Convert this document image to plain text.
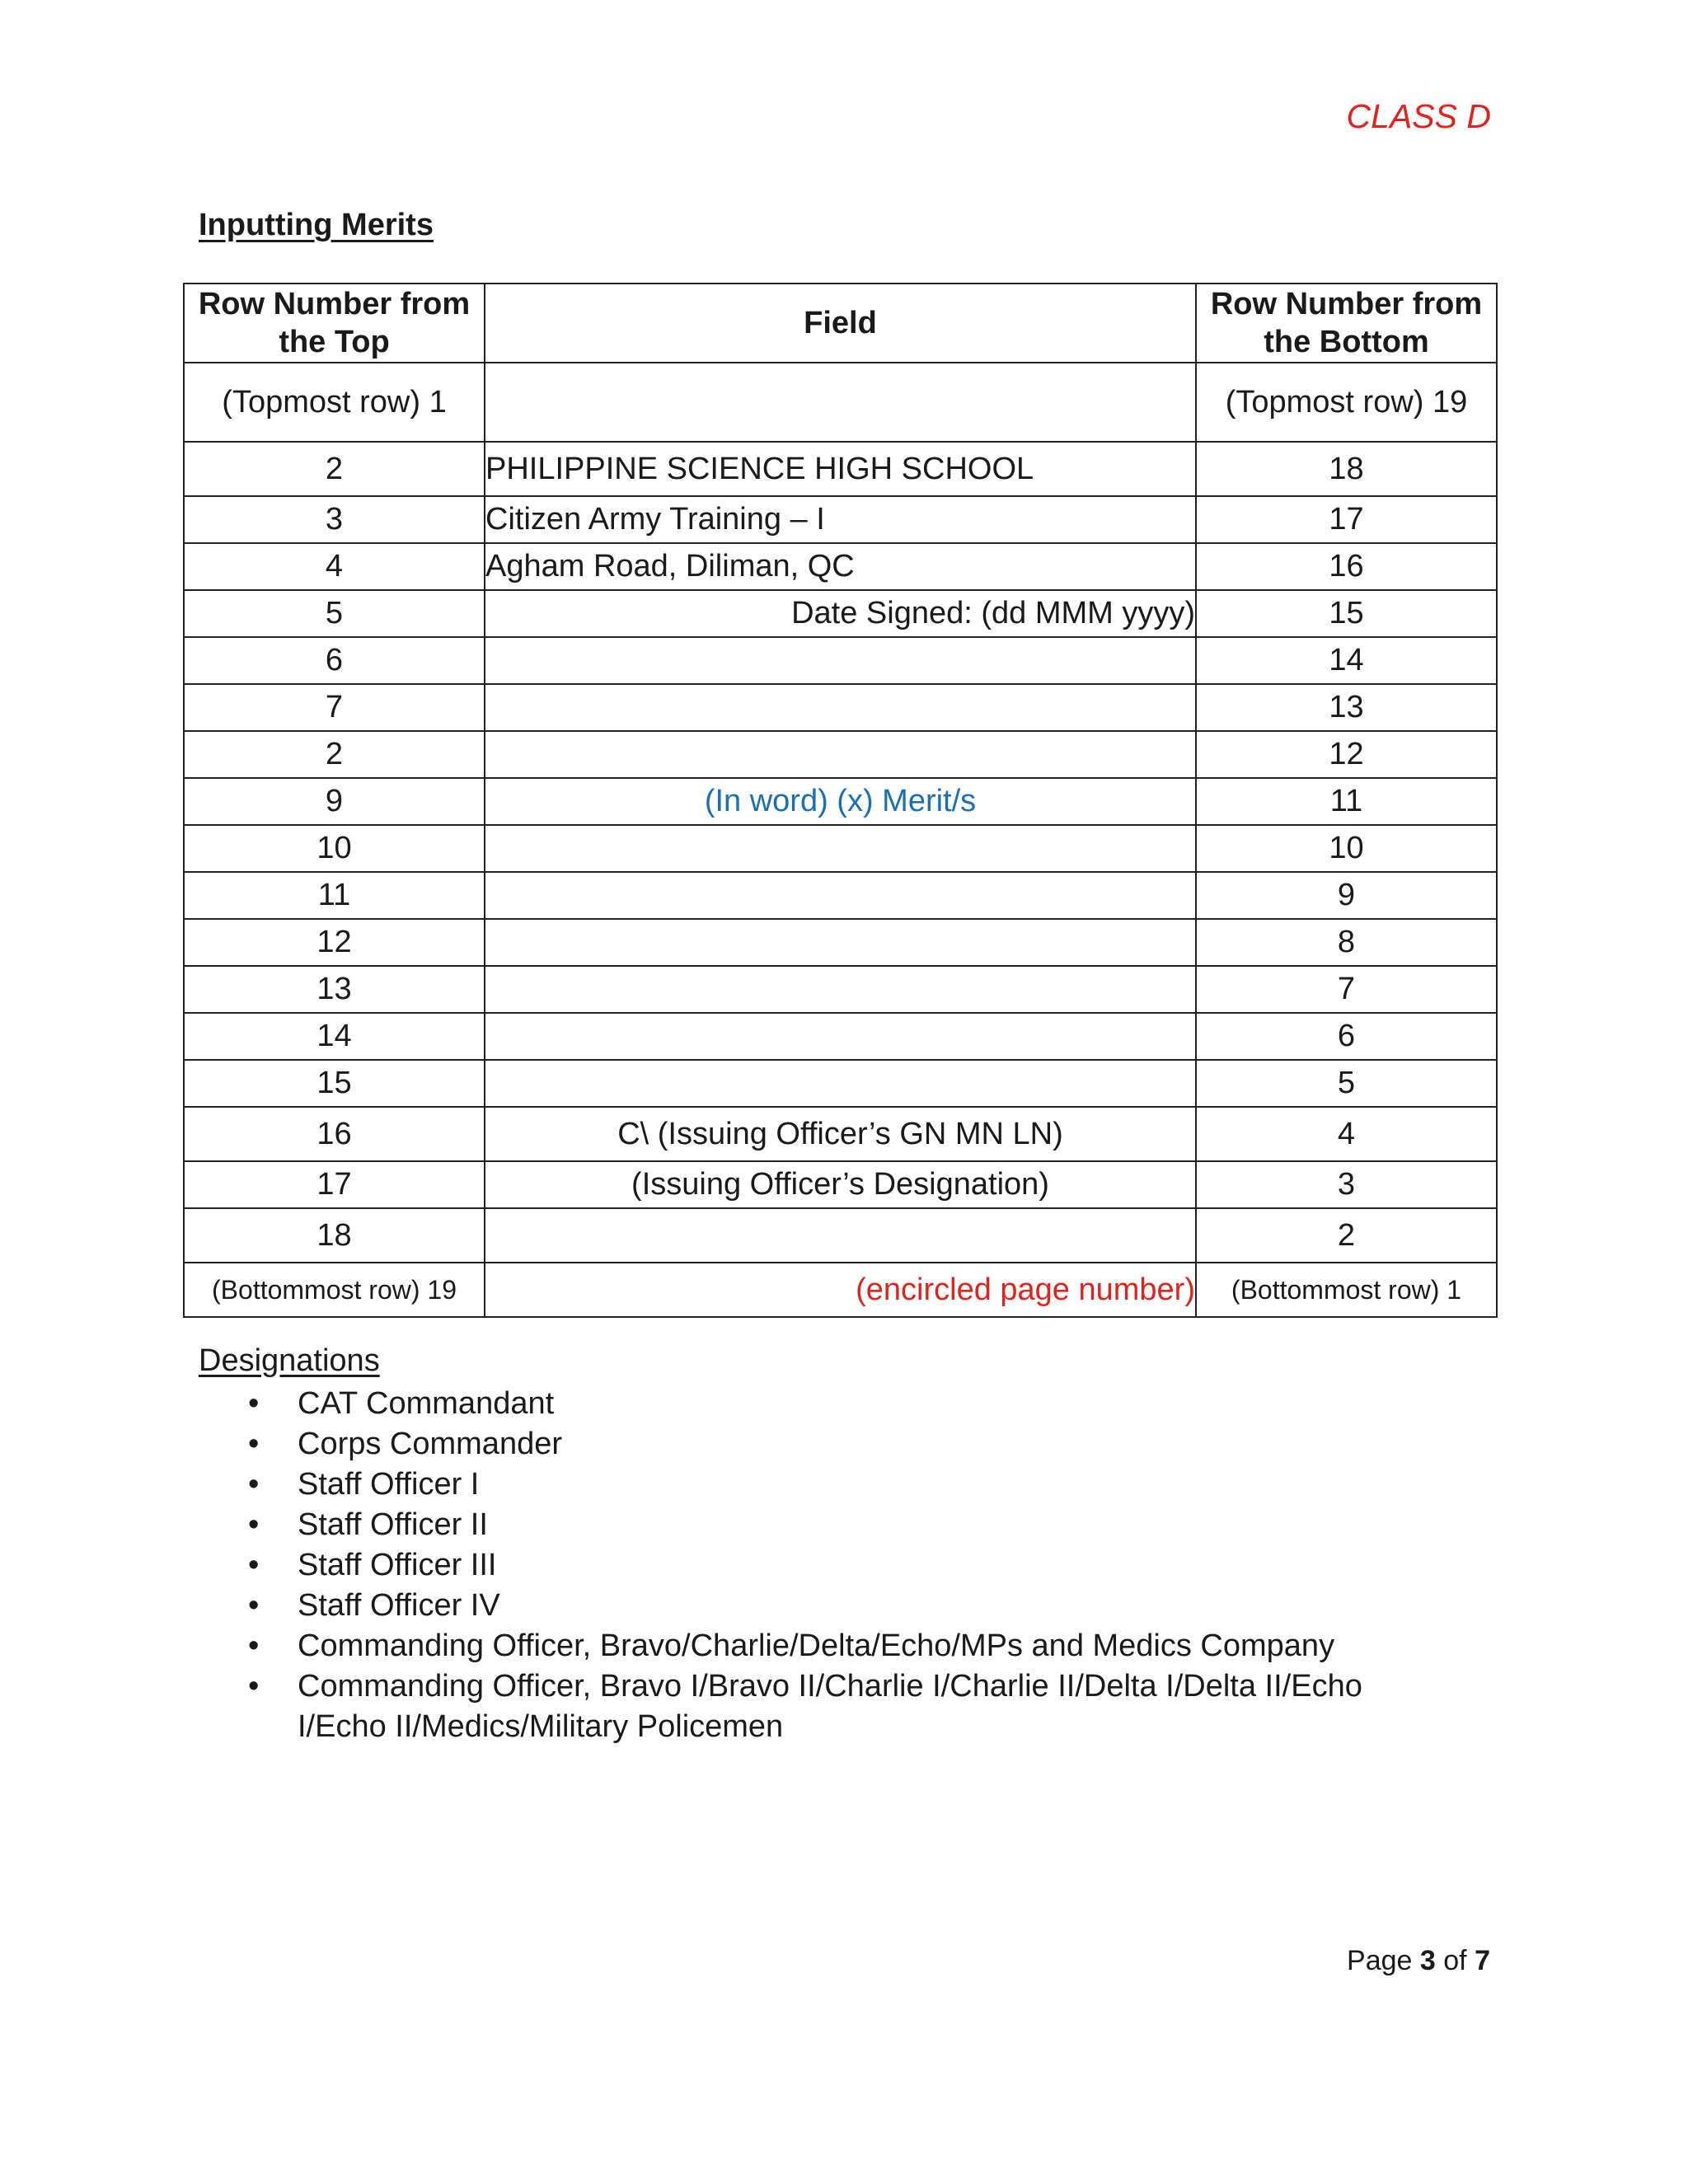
CLASS D
Inputting Merits
Row Number from the Top	Field	Row Number from the Bottom
(Topmost row) 1		(Topmost row) 19
2	PHILIPPINE SCIENCE HIGH SCHOOL	18
3	Citizen Army Training – I	17
4	Agham Road, Diliman, QC	16
5	Date Signed: (dd MMM yyyy)	15
6		14
7		13
2		12
9	(In word) (x) Merit/s	11
10		10
11		9
12		8
13		7
14		6
15		5
16	C\ (Issuing Officer’s GN MN LN)	4
17	(Issuing Officer’s Designation)	3
18		2
(Bottommost row) 19	(encircled page number)	(Bottommost row) 1
Designations
• CAT Commandant
• Corps Commander
• Staff Officer I
• Staff Officer II
• Staff Officer III
• Staff Officer IV
• Commanding Officer, Bravo/Charlie/Delta/Echo/MPs and Medics Company
• Commanding Officer, Bravo I/Bravo II/Charlie I/Charlie II/Delta I/Delta II/Echo I/Echo II/Medics/Military Policemen
Page 3 of 7
